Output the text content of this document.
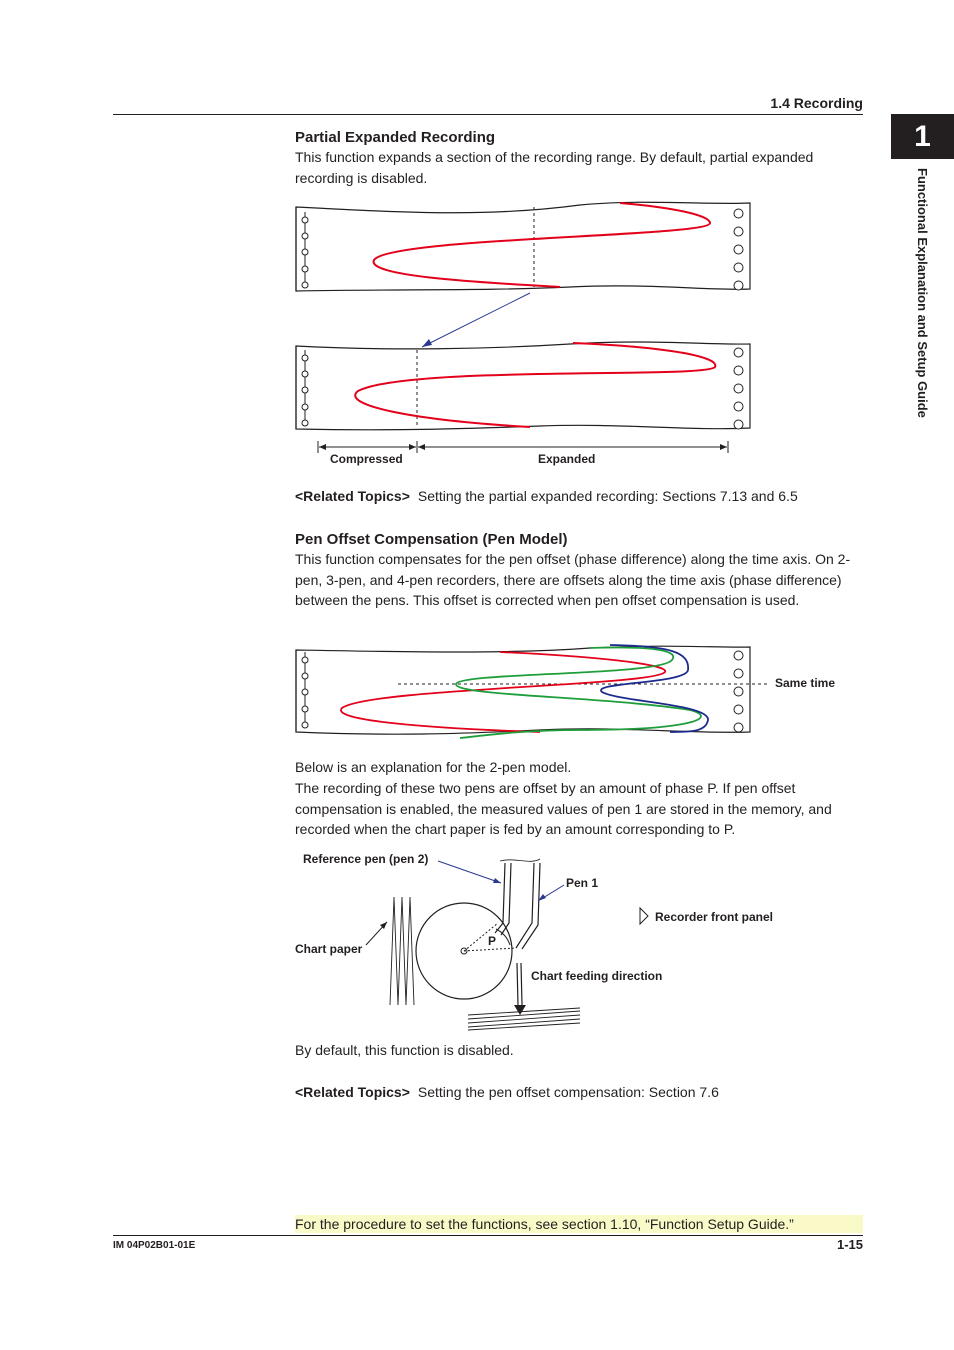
1.4 Recording
1
Functional Explanation and Setup Guide
Partial Expanded Recording

This function expands a section of the recording range. By default, partial expanded recording is disabled.

Compressed	Expanded
<Related Topics> Setting the partial expanded recording: Sections 7.13 and 6.5
Pen Offset Compensation (Pen Model)

This function compensates for the pen offset (phase difference) along the time axis. On 2-pen, 3-pen, and 4-pen recorders, there are offsets along the time axis (phase difference) between the pens. This offset is corrected when pen offset compensation is used.

Same time

Below is an explanation for the 2-pen model.

The recording of these two pens are offset by an amount of phase P. If pen offset compensation is enabled, the measured values of pen 1 are stored in the memory, and recorded when the chart paper is fed by an amount corresponding to P.

P
Reference pen (pen 2)
Pen 1
Chart paper
Chart feeding direction
Recorder front panel

By default, this function is disabled.

<Related Topics> Setting the pen offset compensation: Section 7.6
For the procedure to set the functions, see section 1.10, “Function Setup Guide.”
IM 04P02B01-01E	1-15
